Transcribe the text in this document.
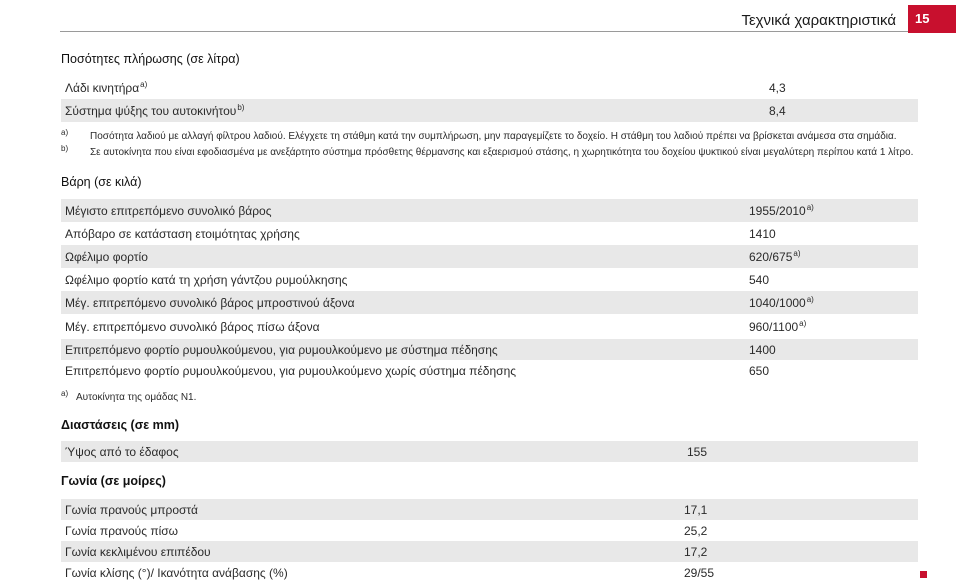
Τεχνικά χαρακτηριστικά	15
Ποσότητες πλήρωσης (σε λίτρα)
Λάδι κινητήρα$^{a)}$	4,3
Σύστημα ψύξης του αυτοκινήτου$^{b)}$	8,4
a) Ποσότητα λαδιού με αλλαγή φίλτρου λαδιού. Ελέγχετε τη στάθμη κατά την συμπλήρωση, μην παραγεμίζετε το δοχείο. Η στάθμη του λαδιού πρέπει να βρίσκεται ανάμεσα στα σημάδια.
b) Σε αυτοκίνητα που είναι εφοδιασμένα με ανεξάρτητο σύστημα πρόσθετης θέρμανσης και εξαερισμού στάσης, η χωρητικότητα του δοχείου ψυκτικού είναι μεγαλύτερη περίπου κατά 1 λίτρο.
Βάρη (σε κιλά)
Μέγιστο επιτρεπόμενο συνολικό βάρος	1955/2010$^{a)}$
Απόβαρο σε κατάσταση ετοιμότητας χρήσης	1410
Ωφέλιμο φορτίο	620/675$^{a)}$
Ωφέλιμο φορτίο κατά τη χρήση γάντζου ρυμούλκησης	540
Μέγ. επιτρεπόμενο συνολικό βάρος μπροστινού άξονα	1040/1000$^{a)}$
Μέγ. επιτρεπόμενο συνολικό βάρος πίσω άξονα	960/1100$^{a)}$
Επιτρεπόμενο φορτίο ρυμουλκούμενου, για ρυμουλκούμενο με σύστημα πέδησης	1400
Επιτρεπόμενο φορτίο ρυμουλκούμενου, για ρυμουλκούμενο χωρίς σύστημα πέδησης	650
a) Αυτοκίνητα της ομάδας N1.
Διαστάσεις (σε mm)
Ύψος από το έδαφος	155
Γωνία (σε μοίρες)
Γωνία πρανούς μπροστά	17,1
Γωνία πρανούς πίσω	25,2
Γωνία κεκλιμένου επιπέδου	17,2
Γωνία κλίσης (°)/ Ικανότητα ανάβασης (%)	29/55
